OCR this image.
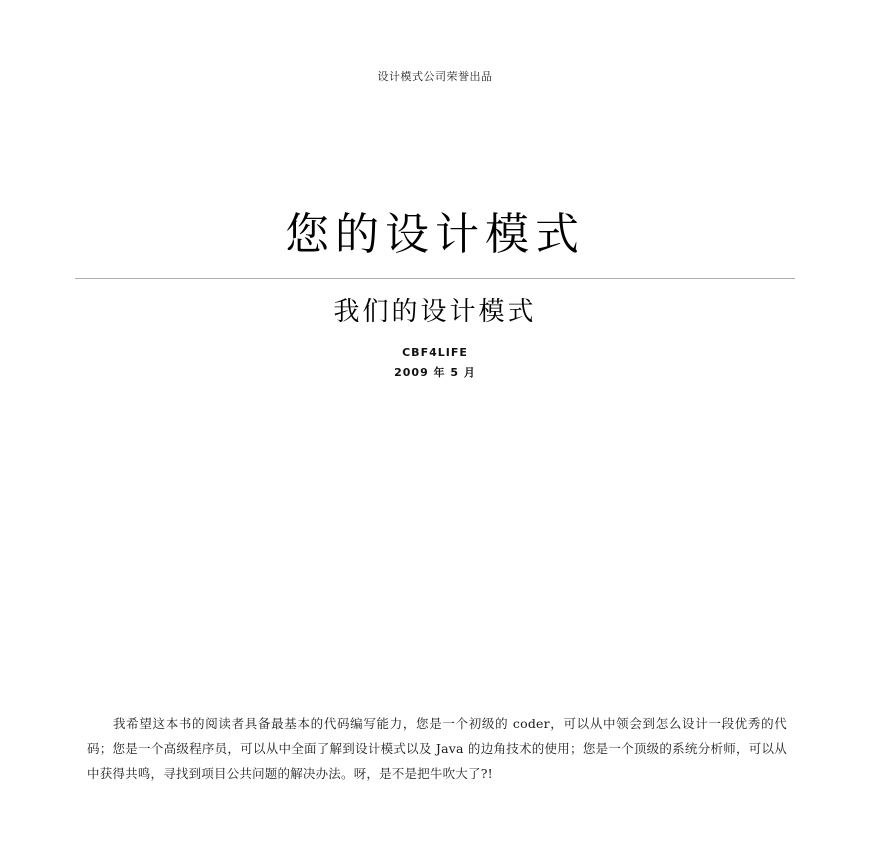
设计模式公司荣誉出品
您的设计模式
我们的设计模式
CBF4LIFE
2009 年 5 月

我希望这本书的阅读者具备最基本的代码编写能力，您是一个初级的 coder，可以从中领会到怎么设计一段优秀的代码；您是一个高级程序员，可以从中全面了解到设计模式以及 Java 的边角技术的使用；您是一个顶级的系统分析师，可以从中获得共鸣，寻找到项目公共问题的解决办法。呀，是不是把牛吹大了?!
